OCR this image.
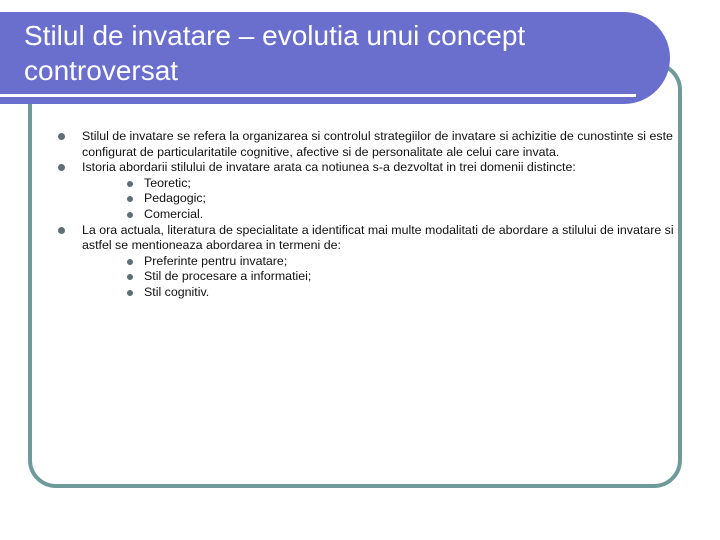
Stilul de invatare – evolutia unui concept controversat
Stilul de invatare se refera la organizarea si controlul strategiilor de invatare si achizitie de cunostinte si este configurat de particularitatile cognitive, afective si de personalitate ale celui care invata.
Istoria abordarii stilului de invatare arata ca notiunea s-a dezvoltat in trei domenii distincte:
Teoretic;
Pedagogic;
Comercial.
La ora actuala, literatura de specialitate a identificat mai multe modalitati de abordare a stilului de invatare si astfel se mentioneaza abordarea in termeni de:
Preferinte pentru invatare;
Stil de procesare a informatiei;
Stil cognitiv.
